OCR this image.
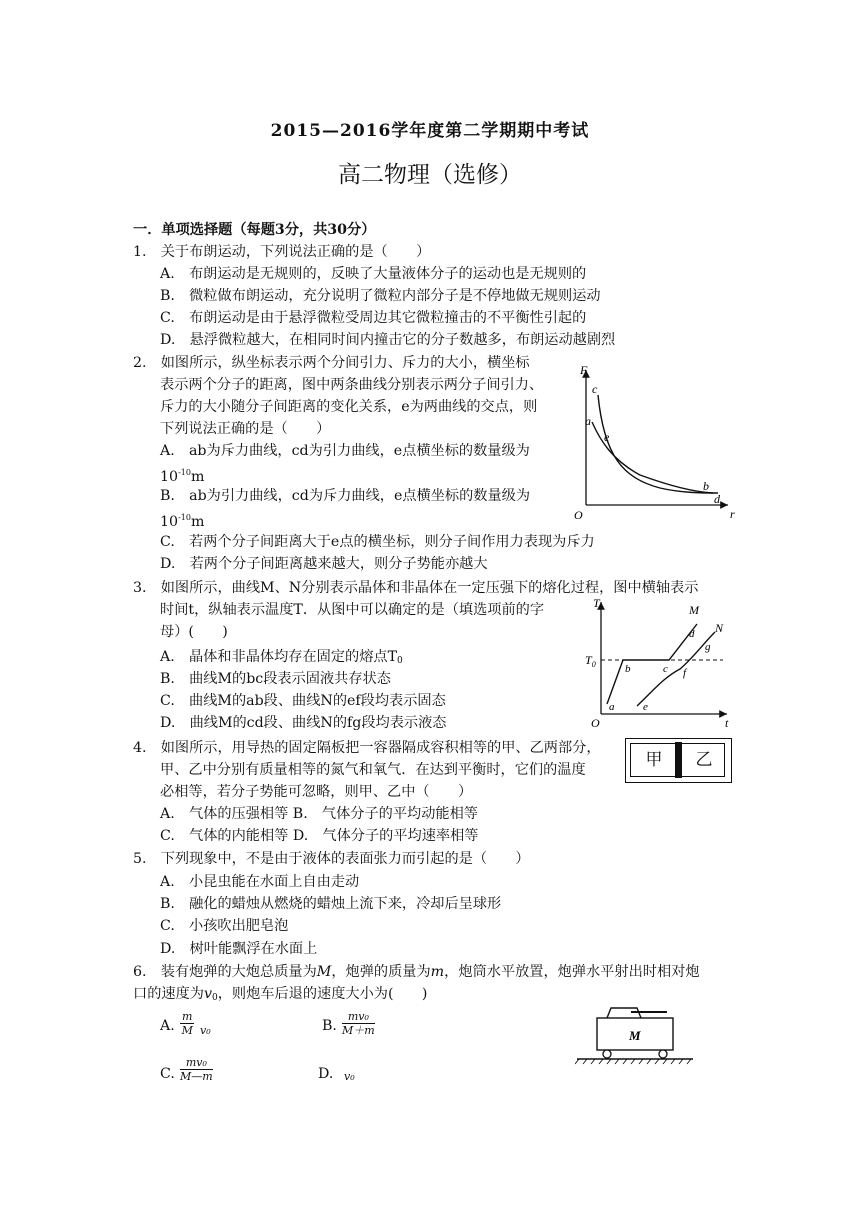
2015—2016学年度第二学期期中考试
高二物理（选修）
一．单项选择题（每题3分，共30分）
1.　关于布朗运动，下列说法正确的是（　　）
A.　布朗运动是无规则的，反映了大量液体分子的运动也是无规则的
B.　微粒做布朗运动，充分说明了微粒内部分子是不停地做无规则运动
C.　布朗运动是由于悬浮微粒受周边其它微粒撞击的不平衡性引起的
D.　悬浮微粒越大，在相同时间内撞击它的分子数越多，布朗运动越剧烈
2.　如图所示，纵坐标表示两个分间引力、斥力的大小，横坐标
表示两个分子的距离，图中两条曲线分别表示两分子间引力、
斥力的大小随分子间距离的变化关系，e为两曲线的交点，则
下列说法正确的是（　　）
A.　ab为斥力曲线，cd为引力曲线，e点横坐标的数量级为
$10^{-10}m$
B.　ab为引力曲线，cd为斥力曲线，e点横坐标的数量级为
$10^{-10}m$
C.　若两个分子间距离大于e点的横坐标，则分子间作用力表现为斥力
D.　若两个分子间距离越来越大，则分子势能亦越大
F
r
O
c
a
e
b
d
3.　如图所示，曲线M、N分别表示晶体和非晶体在一定压强下的熔化过程，图中横轴表示
时间t，纵轴表示温度T．从图中可以确定的是（填选项前的字
母）(　　)
A.　晶体和非晶体均存在固定的熔点$T_0$
B.　曲线M的bc段表示固液共存状态
C.　曲线M的ab段、曲线N的ef段均表示固态
D.　曲线M的cd段、曲线N的fg段均表示液态
T
t
O
$T_0$
M
N
a
b	c
d
e
f
g
4.　如图所示，用导热的固定隔板把一容器隔成容积相等的甲、乙两部分，
甲、乙中分别有质量相等的氮气和氧气．在达到平衡时，它们的温度
必相等，若分子势能可忽略，则甲、乙中（　　）
A.　气体的压强相等 B.　气体分子的平均动能相等
C.　气体的内能相等 D.　气体分子的平均速率相等
甲	乙
5.　下列现象中，不是由于液体的表面张力而引起的是（　　）
A.　小昆虫能在水面上自由走动
B.　融化的蜡烛从燃烧的蜡烛上流下来，冷却后呈球形
C.　小孩吹出肥皂泡
D.　树叶能飘浮在水面上
6.　装有炮弹的大炮总质量为M，炮弹的质量为m，炮筒水平放置，炮弹水平射出时相对炮
口的速度为$v_0$，则炮车后退的速度大小为(　　)
A. $\frac{m}{M} v_0$	B. $\frac{\text{mv₀}}{M+m}$
C. $\frac{\text{mv₀}}{M—m}$	D. v₀
M
